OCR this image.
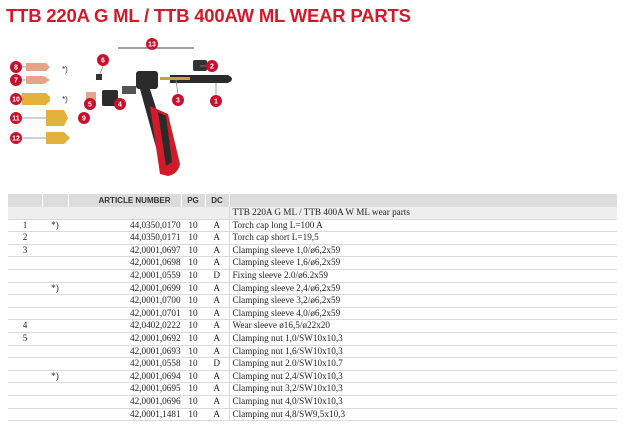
TTB 220A G ML / TTB 400AW ML WEAR PARTS
*)
*)
13
2
1
3
6
8
7
10
5	4
9
11
12
		ARTICLE NUMBER	PG	DC	
					TTB 220A G ML / TTB 400A W ML wear parts
1	*)	44,0350,0170	10	A	Torch cap long L=100 A
2		44,0350,0171	10	A	Torch cap short L=19,5
3		42,0001,0697	10	A	Clamping sleeve 1,0/ø6,2x59
		42,0001,0698	10	A	Clamping sleeve 1,6/ø6,2x59
		42,0001,0559	10	D	Fixing sleeve 2.0/ø6.2x59
	*)	42,0001,0699	10	A	Clamping sleeve 2,4/ø6,2x59
		42,0001,0700	10	A	Clamping sleeve 3,2/ø6,2x59
		42,0001,0701	10	A	Clamping sleeve 4,0/ø6,2x59
4		42,0402,0222	10	A	Wear sleeve ø16,5/ø22x20
5		42,0001,0692	10	A	Clamping nut 1,0/SW10x10,3
		42,0001,0693	10	A	Clamping nut 1,6/SW10x10,3
		42,0001,0558	10	D	Clamping nut 2.0/SW10x10.7
	*)	42,0001,0694	10	A	Clamping nut 2,4/SW10x10,3
		42,0001,0695	10	A	Clamping nut 3,2/SW10x10,3
		42,0001,0696	10	A	Clamping nut 4,0/SW10x10,3
		42,0001,1481	10	A	Clamping nut 4,8/SW9,5x10,3
